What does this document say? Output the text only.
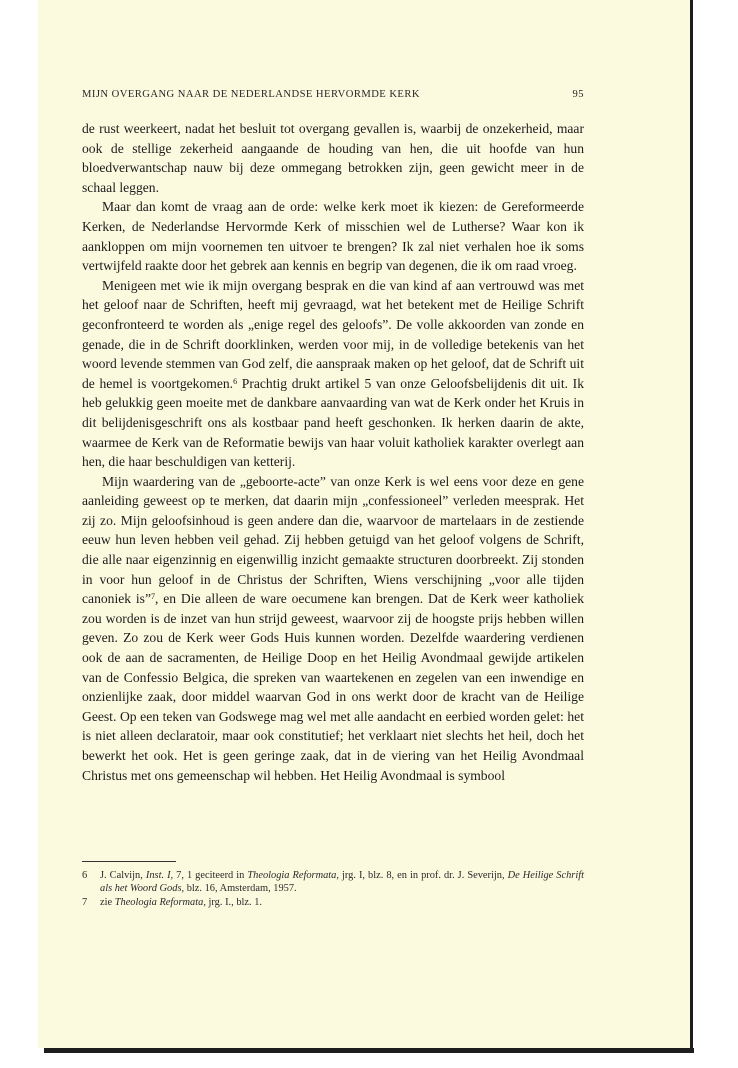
MIJN OVERGANG NAAR DE NEDERLANDSE HERVORMDE KERK	95

de rust weerkeert, nadat het besluit tot overgang gevallen is, waarbij de onzekerheid, maar ook de stellige zekerheid aangaande de houding van hen, die uit hoofde van hun bloedverwantschap nauw bij deze ommegang betrokken zijn, geen gewicht meer in de schaal leggen.

Maar dan komt de vraag aan de orde: welke kerk moet ik kiezen: de Gereformeerde Kerken, de Nederlandse Hervormde Kerk of misschien wel de Lutherse? Waar kon ik aankloppen om mijn voornemen ten uitvoer te brengen? Ik zal niet verhalen hoe ik soms vertwijfeld raakte door het gebrek aan kennis en begrip van degenen, die ik om raad vroeg.

Menigeen met wie ik mijn overgang besprak en die van kind af aan vertrouwd was met het geloof naar de Schriften, heeft mij gevraagd, wat het betekent met de Heilige Schrift geconfronteerd te worden als „enige regel des geloofs”. De volle akkoorden van zonde en genade, die in de Schrift doorklinken, werden voor mij, in de volledige betekenis van het woord levende stemmen van God zelf, die aanspraak maken op het geloof, dat de Schrift uit de hemel is voortgekomen.$^6$ Prachtig drukt artikel 5 van onze Geloofsbelijdenis dit uit. Ik heb gelukkig geen moeite met de dankbare aanvaarding van wat de Kerk onder het Kruis in dit belijdenisgeschrift ons als kostbaar pand heeft geschonken. Ik herken daarin de akte, waarmee de Kerk van de Reformatie bewijs van haar voluit katholiek karakter overlegt aan hen, die haar beschuldigen van ketterij.

Mijn waardering van de „geboorte-acte” van onze Kerk is wel eens voor deze en gene aanleiding geweest op te merken, dat daarin mijn „confessioneel” verleden meesprak. Het zij zo. Mijn geloofsinhoud is geen andere dan die, waarvoor de martelaars in de zestiende eeuw hun leven hebben veil gehad. Zij hebben getuigd van het geloof volgens de Schrift, die alle naar eigenzinnig en eigenwillig inzicht gemaakte structuren doorbreekt. Zij stonden in voor hun geloof in de Christus der Schriften, Wiens verschijning „voor alle tijden canoniek is”$^7$, en Die alleen de ware oecumene kan brengen. Dat de Kerk weer katholiek zou worden is de inzet van hun strijd geweest, waarvoor zij de hoogste prijs hebben willen geven. Zo zou de Kerk weer Gods Huis kunnen worden. Dezelfde waardering verdienen ook de aan de sacramenten, de Heilige Doop en het Heilig Avondmaal gewijde artikelen van de Confessio Belgica, die spreken van waartekenen en zegelen van een inwendige en onzienlijke zaak, door middel waarvan God in ons werkt door de kracht van de Heilige Geest. Op een teken van Godswege mag wel met alle aandacht en eerbied worden gelet: het is niet alleen declaratoir, maar ook constitutief; het verklaart niet slechts het heil, doch het bewerkt het ook. Het is geen geringe zaak, dat in de viering van het Heilig Avondmaal Christus met ons gemeenschap wil hebben. Het Heilig Avondmaal is symbool

6	J. Calvijn, Inst. I, 7, 1 geciteerd in Theologia Reformata, jrg. I, blz. 8, en in prof. dr. J. Severijn, De Heilige Schrift als het Woord Gods, blz. 16, Amsterdam, 1957.
7	zie Theologia Reformata, jrg. I., blz. 1.
